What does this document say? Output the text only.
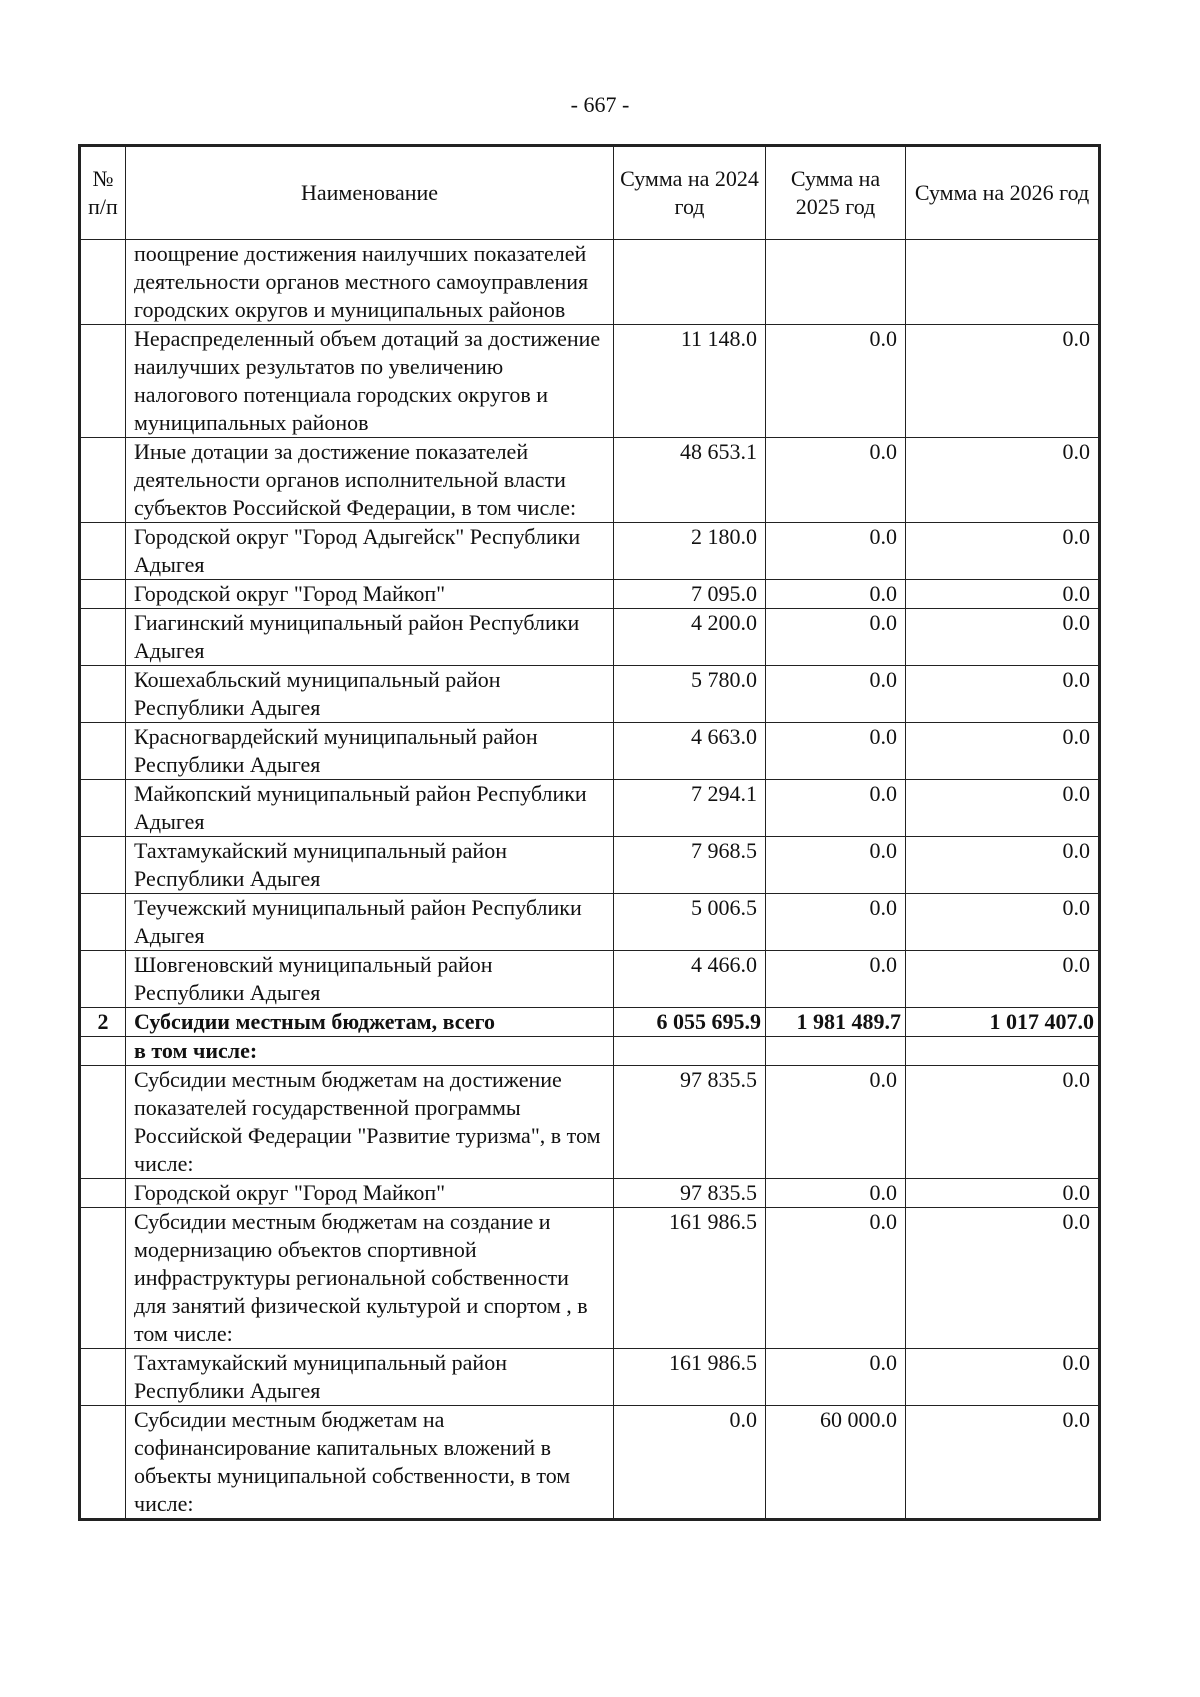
- 667 -
№ п/п	Наименование	Сумма на 2024 год	Сумма на 2025 год	Сумма на 2026 год
	поощрение достижения наилучших показателей деятельности органов местного самоуправления городских округов и муниципальных районов			
	Нераспределенный объем дотаций за достижение наилучших результатов по увеличению налогового потенциала городских округов и муниципальных районов	11 148.0	0.0	0.0
	Иные дотации за достижение показателей деятельности органов исполнительной власти субъектов Российской Федерации, в том числе:	48 653.1	0.0	0.0
	Городской округ "Город Адыгейск" Республики Адыгея	2 180.0	0.0	0.0
	Городской округ "Город Майкоп"	7 095.0	0.0	0.0
	Гиагинский муниципальный район Республики Адыгея	4 200.0	0.0	0.0
	Кошехабльский муниципальный район Республики Адыгея	5 780.0	0.0	0.0
	Красногвардейский муниципальный район Республики Адыгея	4 663.0	0.0	0.0
	Майкопский муниципальный район Республики Адыгея	7 294.1	0.0	0.0
	Тахтамукайский муниципальный район Республики Адыгея	7 968.5	0.0	0.0
	Теучежский муниципальный район Республики Адыгея	5 006.5	0.0	0.0
	Шовгеновский муниципальный район Республики Адыгея	4 466.0	0.0	0.0
2	Субсидии местным бюджетам, всего	6 055 695.9	1 981 489.7	1 017 407.0
	в том числе:			
	Субсидии местным бюджетам на достижение показателей государственной программы Российской Федерации "Развитие туризма", в том числе:	97 835.5	0.0	0.0
	Городской округ "Город Майкоп"	97 835.5	0.0	0.0
	Субсидии местным бюджетам на создание и модернизацию объектов спортивной инфраструктуры региональной собственности для занятий физической культурой и спортом , в том числе:	161 986.5	0.0	0.0
	Тахтамукайский муниципальный район Республики Адыгея	161 986.5	0.0	0.0
	Субсидии местным бюджетам на софинансирование капитальных вложений в объекты муниципальной собственности, в том числе:	0.0	60 000.0	0.0
